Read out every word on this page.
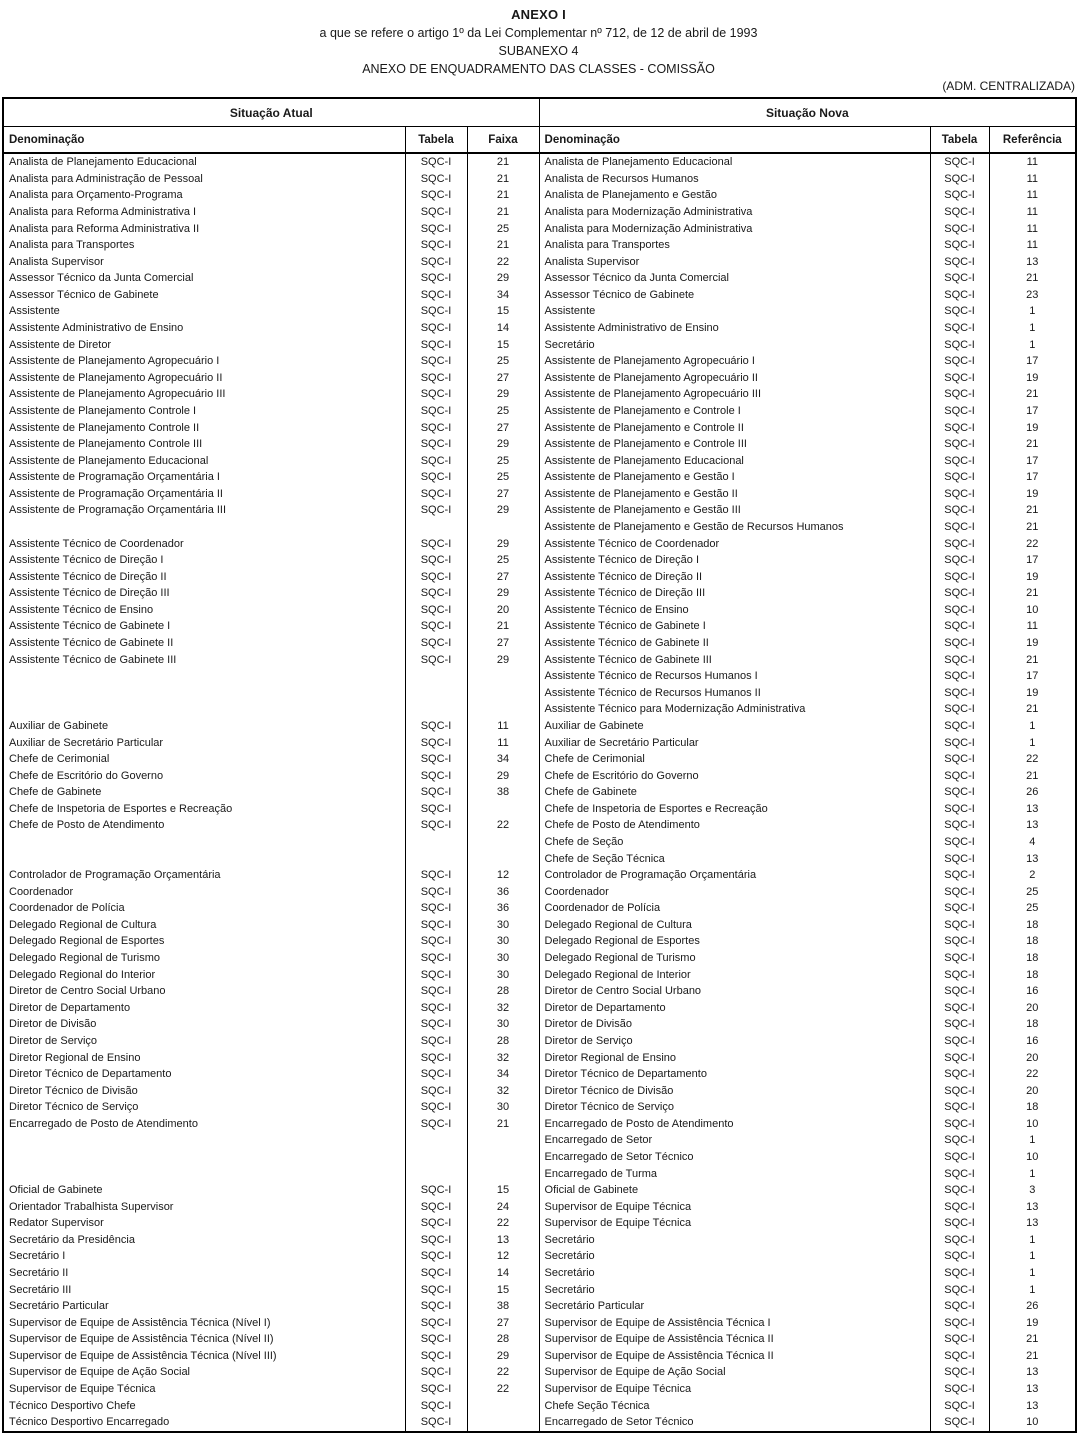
ANEXO I
a que se refere o artigo 1º da Lei Complementar nº 712, de 12 de abril de 1993
SUBANEXO 4
ANEXO DE ENQUADRAMENTO DAS CLASSES - COMISSÃO
(ADM. CENTRALIZADA)
Situação Atual			Situação Nova		
Denominação	Tabela	Faixa	Denominação	Tabela	Referência
Analista de Planejamento Educacional	SQC-I	21	Analista de Planejamento Educacional	SQC-I	11
Analista para Administração de Pessoal	SQC-I	21	Analista de Recursos Humanos	SQC-I	11
Analista para Orçamento-Programa	SQC-I	21	Analista de Planejamento e Gestão	SQC-I	11
Analista para Reforma Administrativa I	SQC-I	21	Analista para Modernização Administrativa	SQC-I	11
Analista para Reforma Administrativa II	SQC-I	25	Analista para Modernização Administrativa	SQC-I	11
Analista para Transportes	SQC-I	21	Analista para Transportes	SQC-I	11
Analista Supervisor	SQC-I	22	Analista Supervisor	SQC-I	13
Assessor Técnico da Junta Comercial	SQC-I	29	Assessor Técnico da Junta Comercial	SQC-I	21
Assessor Técnico de Gabinete	SQC-I	34	Assessor Técnico de Gabinete	SQC-I	23
Assistente	SQC-I	15	Assistente	SQC-I	1
Assistente Administrativo de Ensino	SQC-I	14	Assistente Administrativo de Ensino	SQC-I	1
Assistente de Diretor	SQC-I	15	Secretário	SQC-I	1
Assistente de Planejamento Agropecuário I	SQC-I	25	Assistente de Planejamento Agropecuário I	SQC-I	17
Assistente de Planejamento Agropecuário II	SQC-I	27	Assistente de Planejamento Agropecuário II	SQC-I	19
Assistente de Planejamento Agropecuário III	SQC-I	29	Assistente de Planejamento Agropecuário III	SQC-I	21
Assistente de Planejamento Controle I	SQC-I	25	Assistente de Planejamento e Controle I	SQC-I	17
Assistente de Planejamento Controle II	SQC-I	27	Assistente de Planejamento e Controle II	SQC-I	19
Assistente de Planejamento Controle III	SQC-I	29	Assistente de Planejamento e Controle III	SQC-I	21
Assistente de Planejamento Educacional	SQC-I	25	Assistente de Planejamento Educacional	SQC-I	17
Assistente de Programação Orçamentária I	SQC-I	25	Assistente de Planejamento e Gestão I	SQC-I	17
Assistente de Programação Orçamentária II	SQC-I	27	Assistente de Planejamento e Gestão II	SQC-I	19
Assistente de Programação Orçamentária III	SQC-I	29	Assistente de Planejamento e Gestão III	SQC-I	21
			Assistente de Planejamento e Gestão de Recursos Humanos	SQC-I	21
Assistente Técnico de Coordenador	SQC-I	29	Assistente Técnico de Coordenador	SQC-I	22
Assistente Técnico de Direção I	SQC-I	25	Assistente Técnico de Direção I	SQC-I	17
Assistente Técnico de Direção II	SQC-I	27	Assistente Técnico de Direção II	SQC-I	19
Assistente Técnico de Direção III	SQC-I	29	Assistente Técnico de Direção III	SQC-I	21
Assistente Técnico de Ensino	SQC-I	20	Assistente Técnico de Ensino	SQC-I	10
Assistente Técnico de Gabinete I	SQC-I	21	Assistente Técnico de Gabinete I	SQC-I	11
Assistente Técnico de Gabinete II	SQC-I	27	Assistente Técnico de Gabinete II	SQC-I	19
Assistente Técnico de Gabinete III	SQC-I	29	Assistente Técnico de Gabinete III	SQC-I	21
			Assistente Técnico de Recursos Humanos I	SQC-I	17
			Assistente Técnico de Recursos Humanos II	SQC-I	19
			Assistente Técnico para Modernização Administrativa	SQC-I	21
Auxiliar de Gabinete	SQC-I	11	Auxiliar de Gabinete	SQC-I	1
Auxiliar de Secretário Particular	SQC-I	11	Auxiliar de Secretário Particular	SQC-I	1
Chefe de Cerimonial	SQC-I	34	Chefe de Cerimonial	SQC-I	22
Chefe de Escritório do Governo	SQC-I	29	Chefe de Escritório do Governo	SQC-I	21
Chefe de Gabinete	SQC-I	38	Chefe de Gabinete	SQC-I	26
Chefe de Inspetoria de Esportes e Recreação	SQC-I		Chefe de Inspetoria de Esportes e Recreação	SQC-I	13
Chefe de Posto de Atendimento	SQC-I	22	Chefe de Posto de Atendimento	SQC-I	13
			Chefe de Seção	SQC-I	4
			Chefe de Seção Técnica	SQC-I	13
Controlador de Programação Orçamentária	SQC-I	12	Controlador de Programação Orçamentária	SQC-I	2
Coordenador	SQC-I	36	Coordenador	SQC-I	25
Coordenador de Polícia	SQC-I	36	Coordenador de Polícia	SQC-I	25
Delegado Regional de Cultura	SQC-I	30	Delegado Regional de Cultura	SQC-I	18
Delegado Regional de Esportes	SQC-I	30	Delegado Regional de Esportes	SQC-I	18
Delegado Regional de Turismo	SQC-I	30	Delegado Regional de Turismo	SQC-I	18
Delegado Regional do Interior	SQC-I	30	Delegado Regional de Interior	SQC-I	18
Diretor de Centro Social Urbano	SQC-I	28	Diretor de Centro Social Urbano	SQC-I	16
Diretor de Departamento	SQC-I	32	Diretor de Departamento	SQC-I	20
Diretor de Divisão	SQC-I	30	Diretor de Divisão	SQC-I	18
Diretor de Serviço	SQC-I	28	Diretor de Serviço	SQC-I	16
Diretor Regional de Ensino	SQC-I	32	Diretor Regional de Ensino	SQC-I	20
Diretor Técnico de Departamento	SQC-I	34	Diretor Técnico de Departamento	SQC-I	22
Diretor Técnico de Divisão	SQC-I	32	Diretor Técnico de Divisão	SQC-I	20
Diretor Técnico de Serviço	SQC-I	30	Diretor Técnico de Serviço	SQC-I	18
Encarregado de Posto de Atendimento	SQC-I	21	Encarregado de Posto de Atendimento	SQC-I	10
			Encarregado de Setor	SQC-I	1
			Encarregado de Setor Técnico	SQC-I	10
			Encarregado de Turma	SQC-I	1
Oficial de Gabinete	SQC-I	15	Oficial de Gabinete	SQC-I	3
Orientador Trabalhista Supervisor	SQC-I	24	Supervisor de Equipe Técnica	SQC-I	13
Redator Supervisor	SQC-I	22	Supervisor de Equipe Técnica	SQC-I	13
Secretário da Presidência	SQC-I	13	Secretário	SQC-I	1
Secretário I	SQC-I	12	Secretário	SQC-I	1
Secretário II	SQC-I	14	Secretário	SQC-I	1
Secretário III	SQC-I	15	Secretário	SQC-I	1
Secretário Particular	SQC-I	38	Secretário Particular	SQC-I	26
Supervisor de Equipe de Assistência Técnica (Nível I)	SQC-I	27	Supervisor de Equipe de Assistência Técnica I	SQC-I	19
Supervisor de Equipe de Assistência Técnica (Nível II)	SQC-I	28	Supervisor de Equipe de Assistência Técnica II	SQC-I	21
Supervisor de Equipe de Assistência Técnica (Nível III)	SQC-I	29	Supervisor de Equipe de Assistência Técnica II	SQC-I	21
Supervisor de Equipe de Ação Social	SQC-I	22	Supervisor de Equipe de Ação Social	SQC-I	13
Supervisor de Equipe Técnica	SQC-I	22	Supervisor de Equipe Técnica	SQC-I	13
Técnico Desportivo Chefe	SQC-I		Chefe Seção Técnica	SQC-I	13
Técnico Desportivo Encarregado	SQC-I		Encarregado de Setor Técnico	SQC-I	10
